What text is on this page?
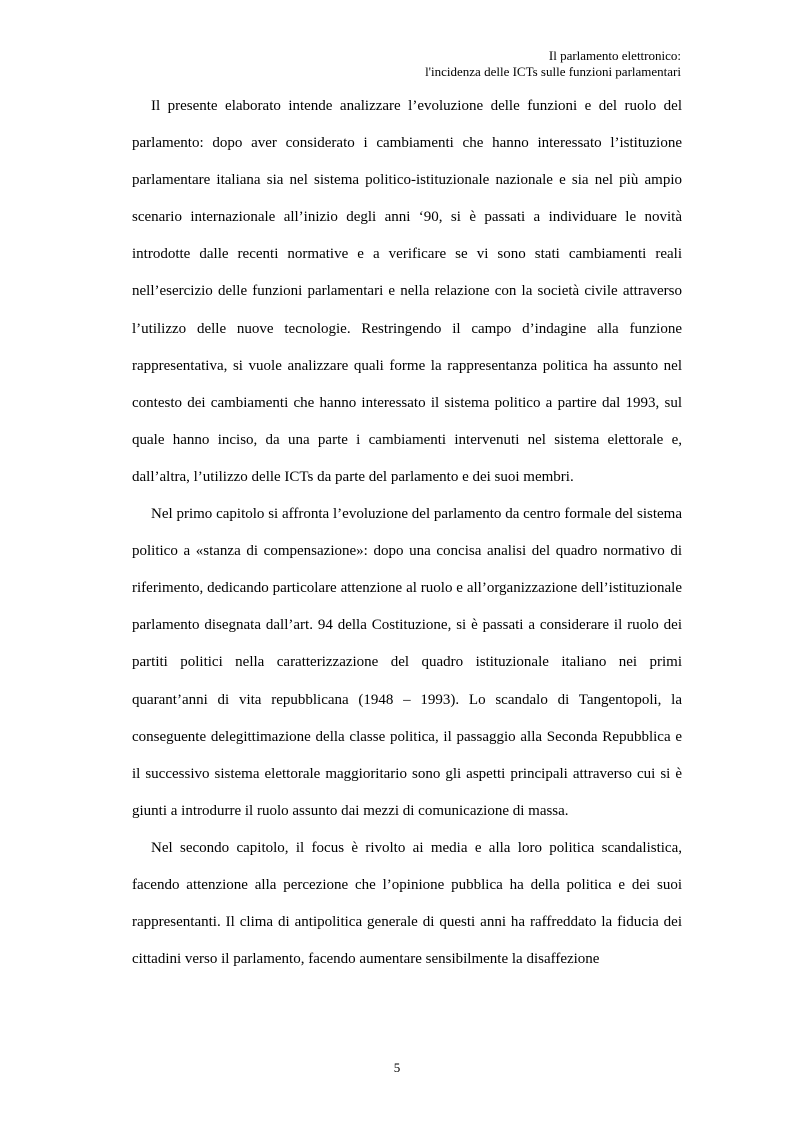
Il parlamento elettronico:
l'incidenza delle ICTs sulle funzioni parlamentari

Il presente elaborato intende analizzare l’evoluzione delle funzioni e del ruolo del parlamento: dopo aver considerato i cambiamenti che hanno interessato l’istituzione parlamentare italiana sia nel sistema politico-istituzionale nazionale e sia nel più ampio scenario internazionale all’inizio degli anni ‘90, si è passati a individuare le novità introdotte dalle recenti normative e a verificare se vi sono stati cambiamenti reali nell’esercizio delle funzioni parlamentari e nella relazione con la società civile attraverso l’utilizzo delle nuove tecnologie. Restringendo il campo d’indagine alla funzione rappresentativa, si vuole analizzare quali forme la rappresentanza politica ha assunto nel contesto dei cambiamenti che hanno interessato il sistema politico a partire dal 1993, sul quale hanno inciso, da una parte i cambiamenti intervenuti nel sistema elettorale e, dall’altra, l’utilizzo delle ICTs da parte del parlamento e dei suoi membri.

Nel primo capitolo si affronta l’evoluzione del parlamento da centro formale del sistema politico a «stanza di compensazione»: dopo una concisa analisi del quadro normativo di riferimento, dedicando particolare attenzione al ruolo e all’organizzazione dell’istituzionale parlamento disegnata dall’art. 94 della Costituzione, si è passati a considerare il ruolo dei partiti politici nella caratterizzazione del quadro istituzionale italiano nei primi quarant’anni di vita repubblicana (1948 – 1993). Lo scandalo di Tangentopoli, la conseguente delegittimazione della classe politica, il passaggio alla Seconda Repubblica e il successivo sistema elettorale maggioritario sono gli aspetti principali attraverso cui si è giunti a introdurre il ruolo assunto dai mezzi di comunicazione di massa.

Nel secondo capitolo, il focus è rivolto ai media e alla loro politica scandalistica, facendo attenzione alla percezione che l’opinione pubblica ha della politica e dei suoi rappresentanti. Il clima di antipolitica generale di questi anni ha raffreddato la fiducia dei cittadini verso il parlamento, facendo aumentare sensibilmente la disaffezione

5
